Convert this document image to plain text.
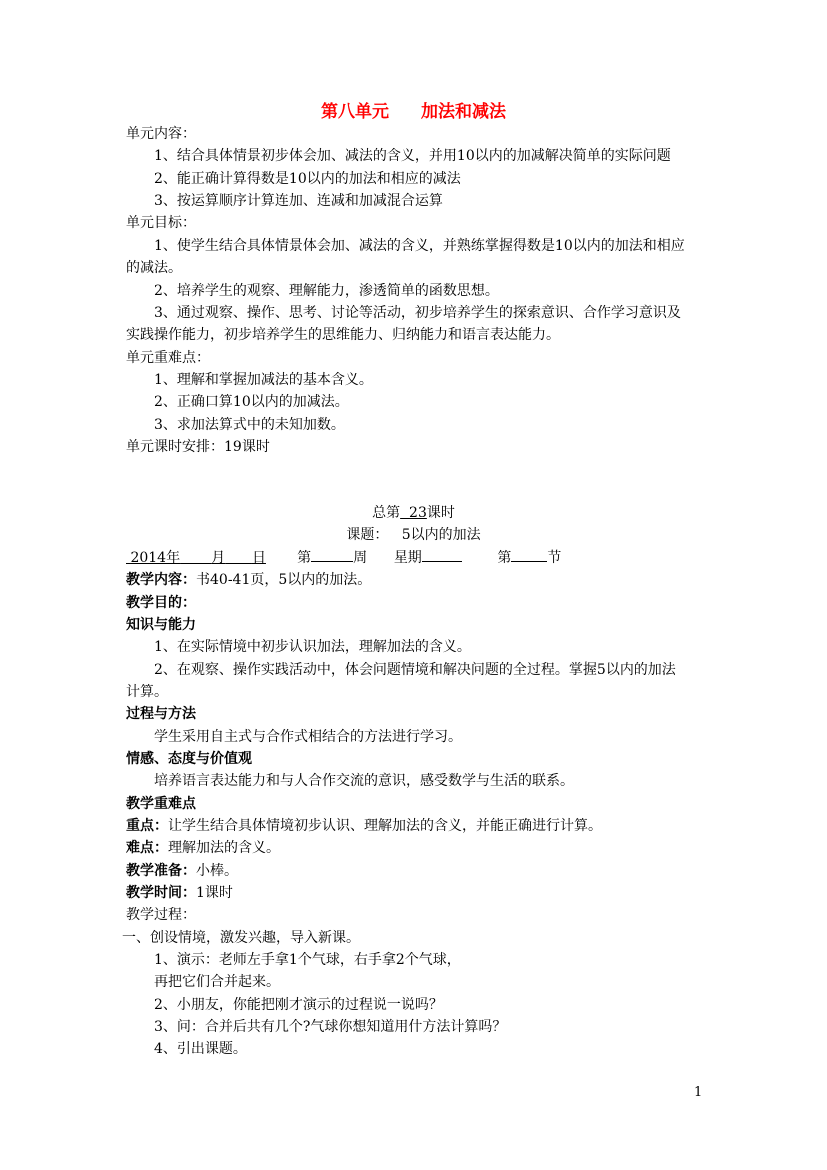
第八单元 加法和减法
单元内容：
1、结合具体情景初步体会加、减法的含义，并用10以内的加减解决简单的实际问题
2、能正确计算得数是10以内的加法和相应的减法
3、按运算顺序计算连加、连减和加减混合运算
单元目标：
1、使学生结合具体情景体会加、减法的含义，并熟练掌握得数是10以内的加法和相应
的减法。
2、培养学生的观察、理解能力，渗透简单的函数思想。
3、通过观察、操作、思考、讨论等活动，初步培养学生的探索意识、合作学习意识及
实践操作能力，初步培养学生的思维能力、归纳能力和语言表达能力。
单元重难点：
1、理解和掌握加减法的基本含义。
2、正确口算10以内的加减法。
3、求加法算式中的未知加数。
单元课时安排：19课时
总第 23课时
课题： 5以内的加法
2014年 月 日 第	周 星期	第	节
教学内容：书40-41页，5以内的加法。
教学目的：
知识与能力
1、在实际情境中初步认识加法，理解加法的含义。
2、在观察、操作实践活动中，体会问题情境和解决问题的全过程。掌握5以内的加法
计算。
过程与方法
学生采用自主式与合作式相结合的方法进行学习。
情感、态度与价值观
培养语言表达能力和与人合作交流的意识，感受数学与生活的联系。
教学重难点
重点：让学生结合具体情境初步认识、理解加法的含义，并能正确进行计算。
难点：理解加法的含义。
教学准备：小棒。
教学时间：1课时
教学过程：
一、创设情境，激发兴趣，导入新课。
1、演示：老师左手拿1个气球，右手拿2个气球，
再把它们合并起来。
2、小朋友，你能把刚才演示的过程说一说吗？
3、问：合并后共有几个?气球你想知道用什方法计算吗？
4、引出课题。
1
